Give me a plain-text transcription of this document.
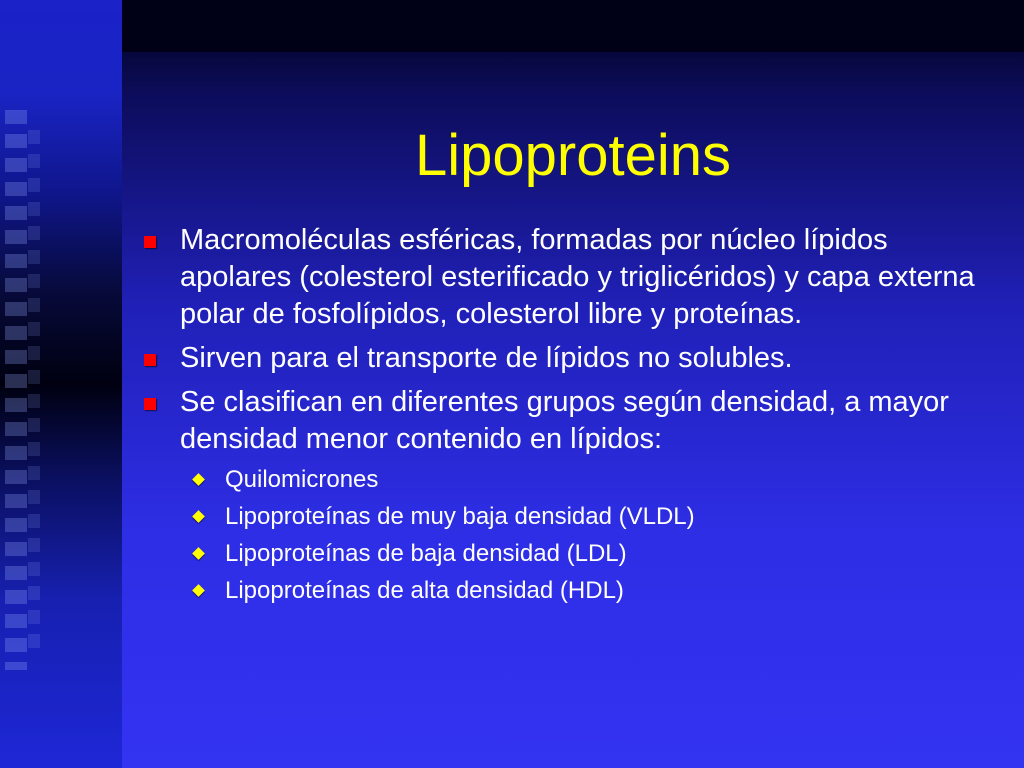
Lipoproteins
Macromoléculas esféricas, formadas por núcleo lípidos apolares (colesterol esterificado y triglicéridos) y capa externa polar de fosfolípidos, colesterol libre y proteínas.
Sirven para el transporte de lípidos no solubles.
Se clasifican en diferentes grupos según densidad, a mayor densidad menor contenido en lípidos:
Quilomicrones
Lipoproteínas de muy baja densidad (VLDL)
Lipoproteínas de baja densidad (LDL)
Lipoproteínas de alta densidad (HDL)
